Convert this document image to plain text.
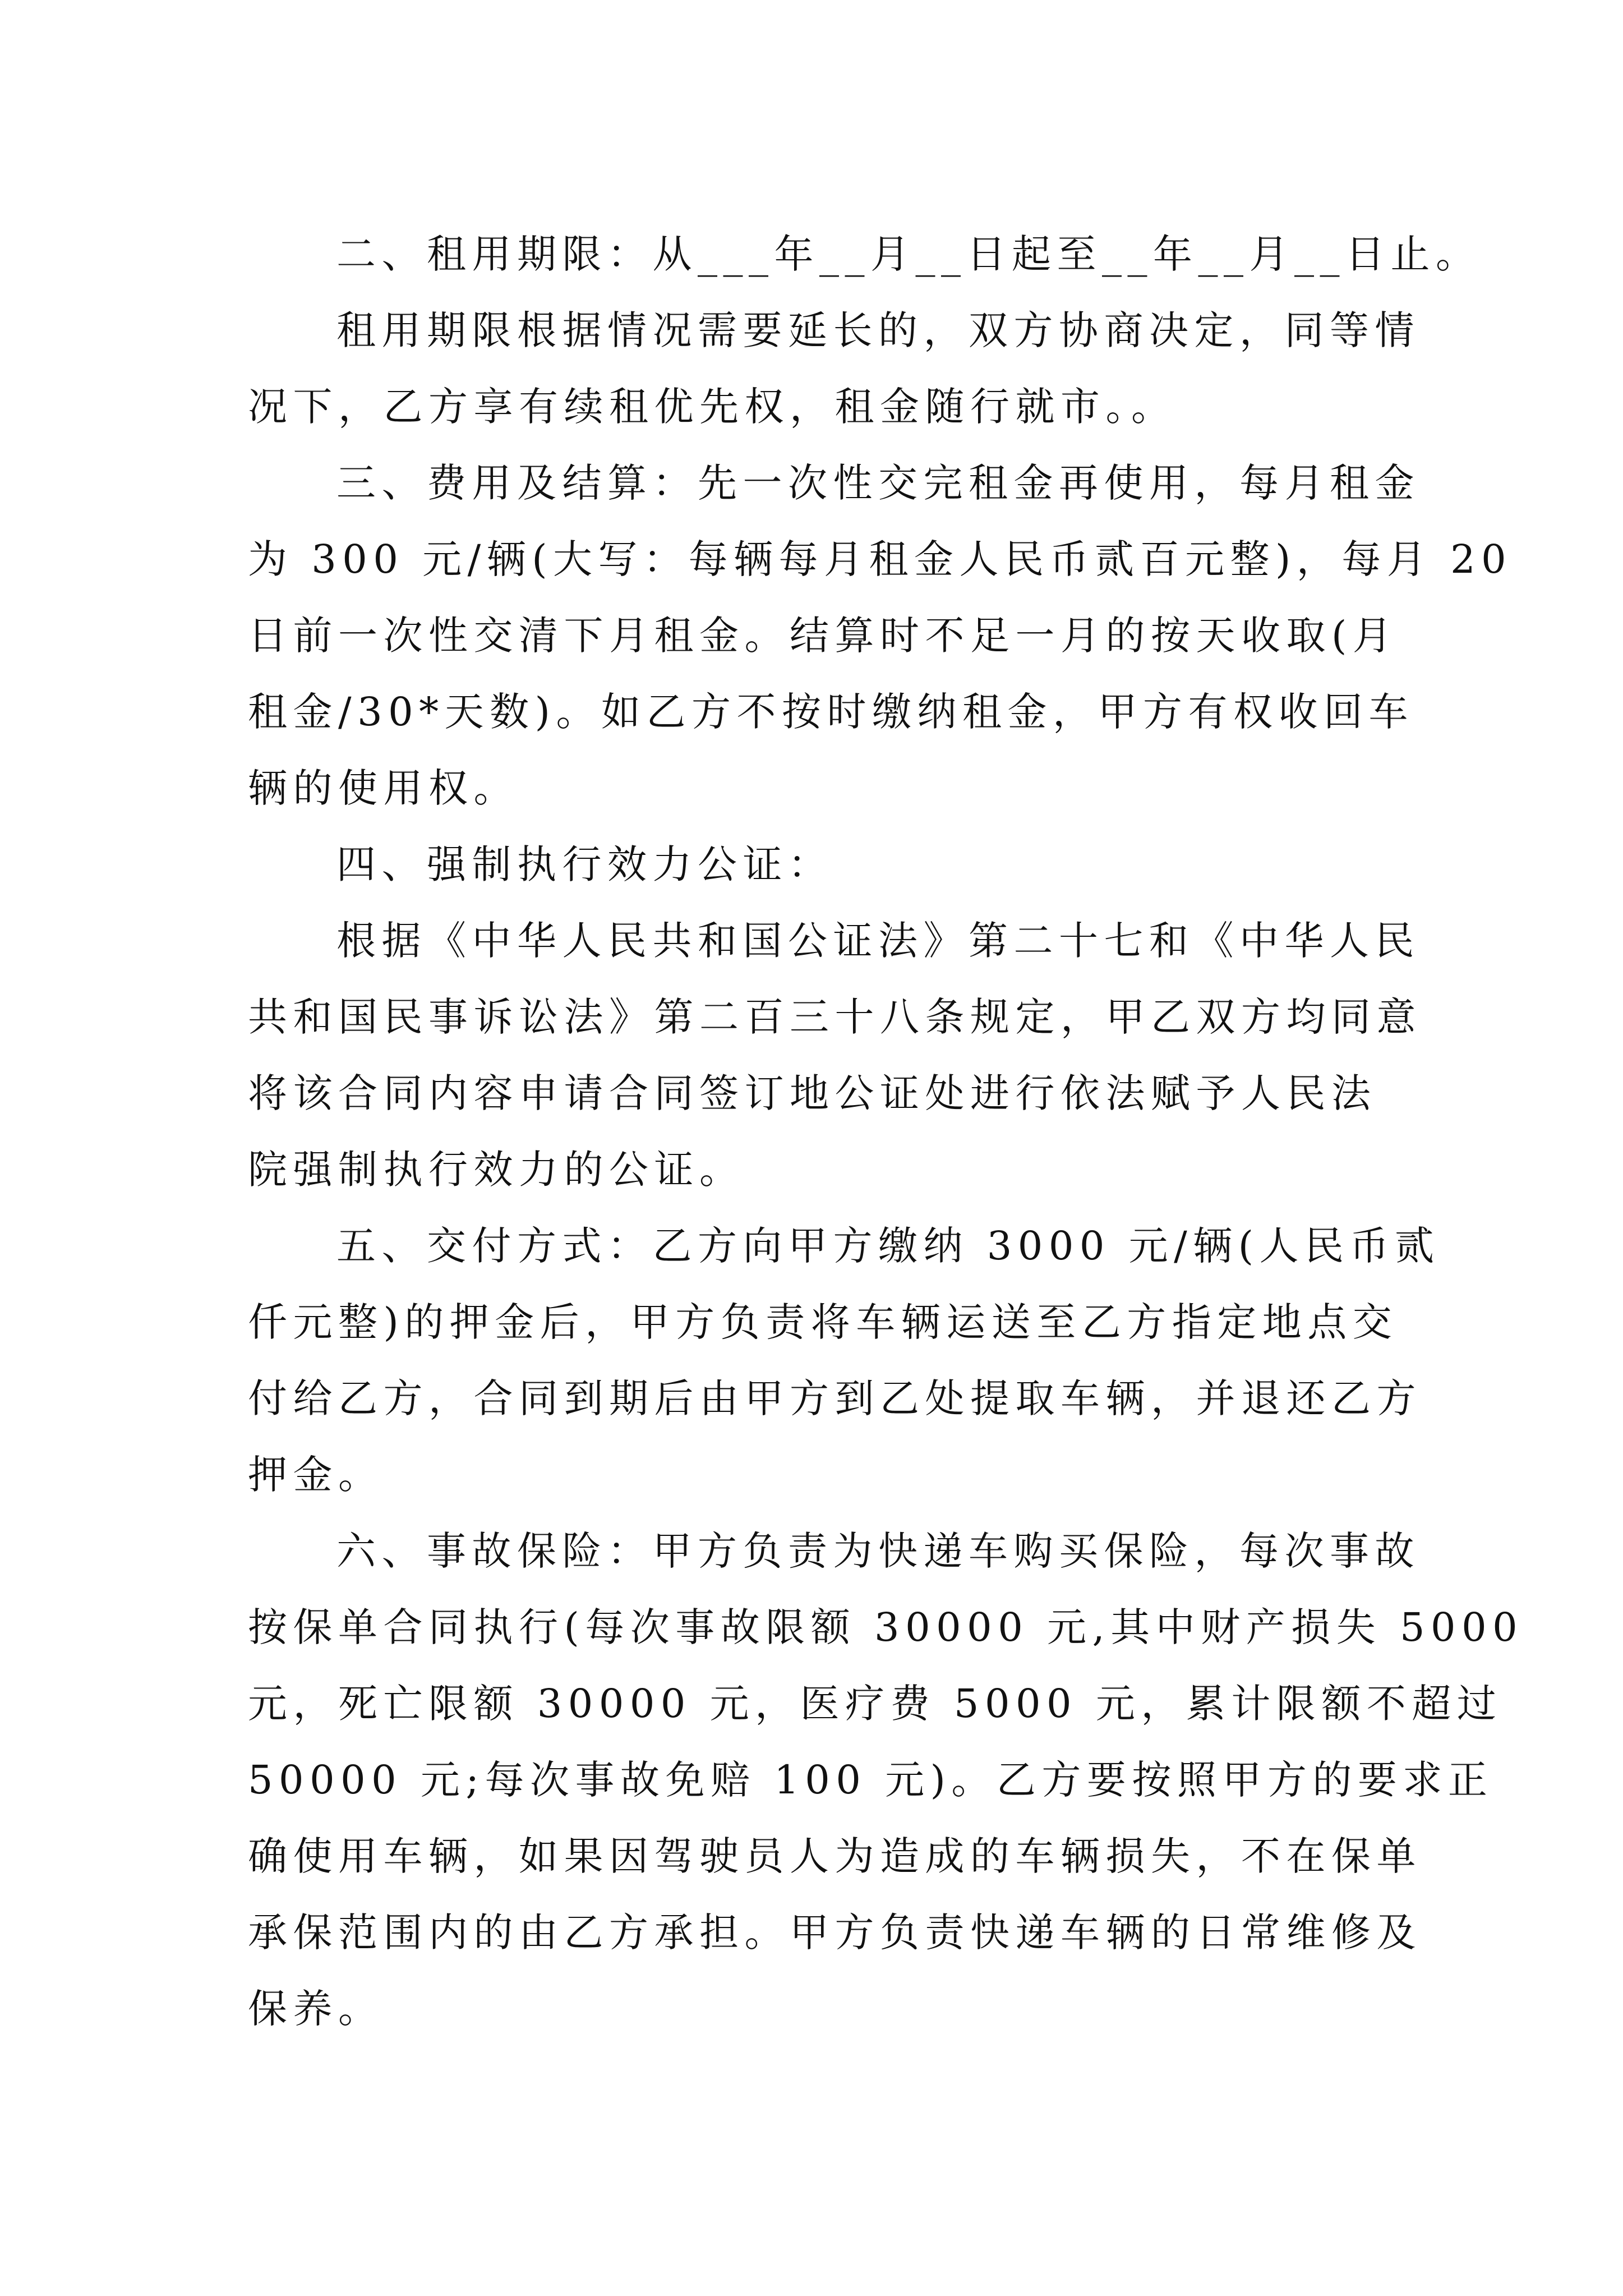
二、租用期限：从___年__月__日起至__年__月__日止。
租用期限根据情况需要延长的，双方协商决定，同等情
况下，乙方享有续租优先权，租金随行就市。。
三、费用及结算：先一次性交完租金再使用，每月租金
为 300 元/辆(大写：每辆每月租金人民币贰百元整)，每月 20
日前一次性交清下月租金。结算时不足一月的按天收取(月
租金/30*天数)。如乙方不按时缴纳租金，甲方有权收回车
辆的使用权。
四、强制执行效力公证：
根据《中华人民共和国公证法》第二十七和《中华人民
共和国民事诉讼法》第二百三十八条规定，甲乙双方均同意
将该合同内容申请合同签订地公证处进行依法赋予人民法
院强制执行效力的公证。
五、交付方式：乙方向甲方缴纳 3000 元/辆(人民币贰
仟元整)的押金后，甲方负责将车辆运送至乙方指定地点交
付给乙方，合同到期后由甲方到乙处提取车辆，并退还乙方
押金。
六、事故保险：甲方负责为快递车购买保险，每次事故
按保单合同执行(每次事故限额 30000 元,其中财产损失 5000
元，死亡限额 30000 元，医疗费 5000 元，累计限额不超过
50000 元;每次事故免赔 100 元)。乙方要按照甲方的要求正
确使用车辆，如果因驾驶员人为造成的车辆损失，不在保单
承保范围内的由乙方承担。甲方负责快递车辆的日常维修及
保养。
